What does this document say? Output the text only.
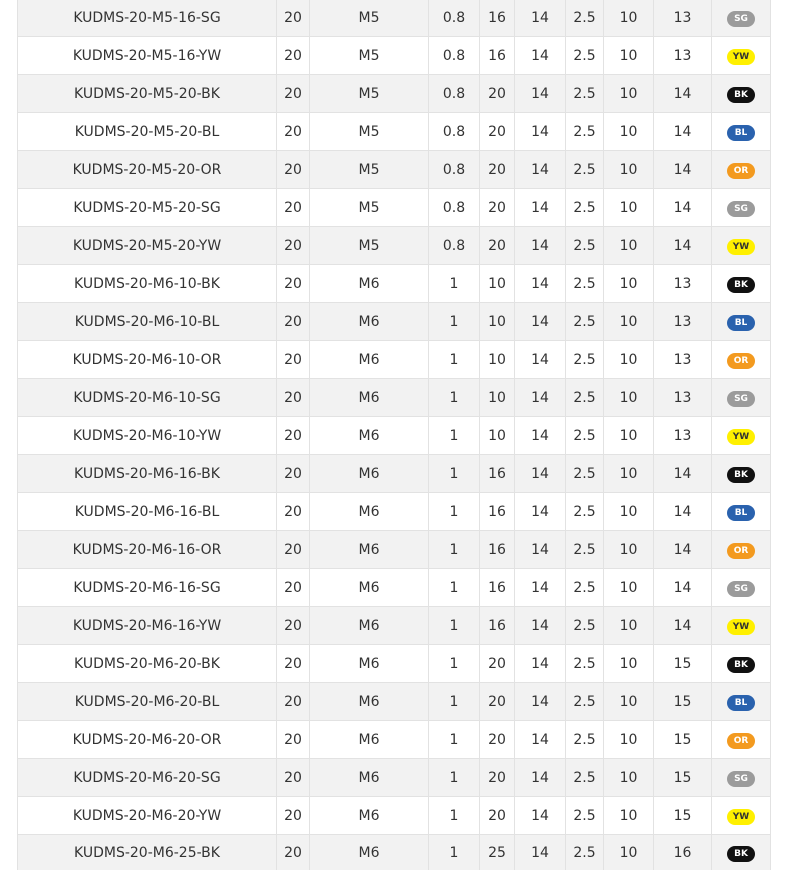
KUDMS-20-M5-16-SG	20	M5	0.8	16	14	2.5	10	13	SG
KUDMS-20-M5-16-YW	20	M5	0.8	16	14	2.5	10	13	YW
KUDMS-20-M5-20-BK	20	M5	0.8	20	14	2.5	10	14	BK
KUDMS-20-M5-20-BL	20	M5	0.8	20	14	2.5	10	14	BL
KUDMS-20-M5-20-OR	20	M5	0.8	20	14	2.5	10	14	OR
KUDMS-20-M5-20-SG	20	M5	0.8	20	14	2.5	10	14	SG
KUDMS-20-M5-20-YW	20	M5	0.8	20	14	2.5	10	14	YW
KUDMS-20-M6-10-BK	20	M6	1	10	14	2.5	10	13	BK
KUDMS-20-M6-10-BL	20	M6	1	10	14	2.5	10	13	BL
KUDMS-20-M6-10-OR	20	M6	1	10	14	2.5	10	13	OR
KUDMS-20-M6-10-SG	20	M6	1	10	14	2.5	10	13	SG
KUDMS-20-M6-10-YW	20	M6	1	10	14	2.5	10	13	YW
KUDMS-20-M6-16-BK	20	M6	1	16	14	2.5	10	14	BK
KUDMS-20-M6-16-BL	20	M6	1	16	14	2.5	10	14	BL
KUDMS-20-M6-16-OR	20	M6	1	16	14	2.5	10	14	OR
KUDMS-20-M6-16-SG	20	M6	1	16	14	2.5	10	14	SG
KUDMS-20-M6-16-YW	20	M6	1	16	14	2.5	10	14	YW
KUDMS-20-M6-20-BK	20	M6	1	20	14	2.5	10	15	BK
KUDMS-20-M6-20-BL	20	M6	1	20	14	2.5	10	15	BL
KUDMS-20-M6-20-OR	20	M6	1	20	14	2.5	10	15	OR
KUDMS-20-M6-20-SG	20	M6	1	20	14	2.5	10	15	SG
KUDMS-20-M6-20-YW	20	M6	1	20	14	2.5	10	15	YW
KUDMS-20-M6-25-BK	20	M6	1	25	14	2.5	10	16	BK
